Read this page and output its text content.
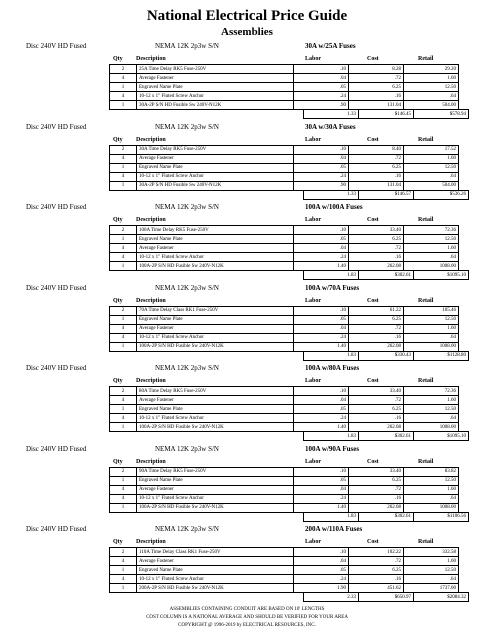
National Electrical Price Guide
Assemblies
Disc 240V HD Fused	NEMA 12K 2p3w S/N	30A w/25A Fuses
Qty Description	Labor	Cost	Retail
2	25A Time Delay RK5 Fuse-250V	.10	8.28	29.20
4	Average Fastener	.04	.72	1.60
1	Engraved Name Plate	.05	6.25	12.50
4	10-12 x 1" Fluted Screw Anchor	.24	.16	.64
1	30A-2P S/N HD Fusible Sw 240V-N12K	.90	131.04	504.00
1.33	$146.45	$578.94
Disc 240V HD Fused	NEMA 12K 2p3w S/N	30A w/30A Fuses
Qty Description	Labor	Cost	Retail
2	30A Time Delay RK5 Fuse-250V	.10	8.40	17.52
4	Average Fastener	.04	.72	1.60
1	Engraved Name Plate	.05	6.25	12.50
4	10-12 x 1" Fluted Screw Anchor	.24	.16	.64
1	30A-2P S/N HD Fusible Sw 240V-N12K	.90	131.04	504.00
1.33	$146.57	$536.26
Disc 240V HD Fused	NEMA 12K 2p3w S/N	100A w/100A Fuses
Qty Description	Labor	Cost	Retail
2	100A Time Delay RK5 Fuse-250V	.10	33.40	72.36
1	Engraved Name Plate	.05	6.25	12.50
4	Average Fastener	.04	.72	1.60
4	10-12 x 1" Fluted Screw Anchor	.24	.16	.64
1	100A-2P S/N HD Fusible Sw 240V-N12K	1.40	262.08	1008.00
1.83	$302.61	$1095.10
Disc 240V HD Fused	NEMA 12K 2p3w S/N	100A w/70A Fuses
Qty Description	Labor	Cost	Retail
2	70A Time Delay Class RK1 Fuse-250V	.10	61.22	105.46
1	Engraved Name Plate	.05	6.25	12.50
4	Average Fastener	.04	.72	1.60
4	10-12 x 1" Fluted Screw Anchor	.24	.16	.64
1	100A-2P S/N HD Fusible Sw 240V-N12K	1.40	262.08	1008.00
1.83	$330.43	$1128.80
Disc 240V HD Fused	NEMA 12K 2p3w S/N	100A w/80A Fuses
Qty Description	Labor	Cost	Retail
2	80A Time Delay RK5 Fuse-250V	.10	33.40	72.36
4	Average Fastener	.04	.72	1.60
1	Engraved Name Plate	.05	6.25	12.50
4	10-12 x 1" Fluted Screw Anchor	.24	.16	.64
1	100A-2P S/N HD Fusible Sw 240V-N12K	1.40	262.08	1008.00
1.83	$302.61	$1095.10
Disc 240V HD Fused	NEMA 12K 2p3w S/N	100A w/90A Fuses
Qty Description	Labor	Cost	Retail
2	90A Time Delay RK5 Fuse-250V	.10	33.40	83.82
1	Engraved Name Plate	.05	6.25	12.50
4	Average Fastener	.04	.72	1.60
4	10-12 x 1" Fluted Screw Anchor	.24	.16	.64
1	100A-2P S/N HD Fusible Sw 240V-N12K	1.40	262.08	1008.00
1.83	$302.61	$1106.56
Disc 240V HD Fused	NEMA 12K 2p3w S/N	200A w/110A Fuses
Qty Description	Labor	Cost	Retail
2	110A Time Delay Class RK1 Fuse-250V	.10	102.22	332.58
4	Average Fastener	.04	.72	1.60
1	Engraved Name Plate	.05	6.25	12.50
4	10-12 x 1" Fluted Screw Anchor	.24	.16	.64
1	200A-2P S/N HD Fusible Sw 240V-N12K	1.90	451.62	1737.00
2.33	$650.97	$2084.32
ASSEMBLIES CONTAINING CONDUIT ARE BASED ON 10' LENGTHS
COST COLUMN IS A NATIONAL AVERAGE AND SHOULD BE VERIFIED FOR YOUR AREA
COPYRIGHT @ 1996-2019 by ELECTRICAL RESOURCES, INC.
